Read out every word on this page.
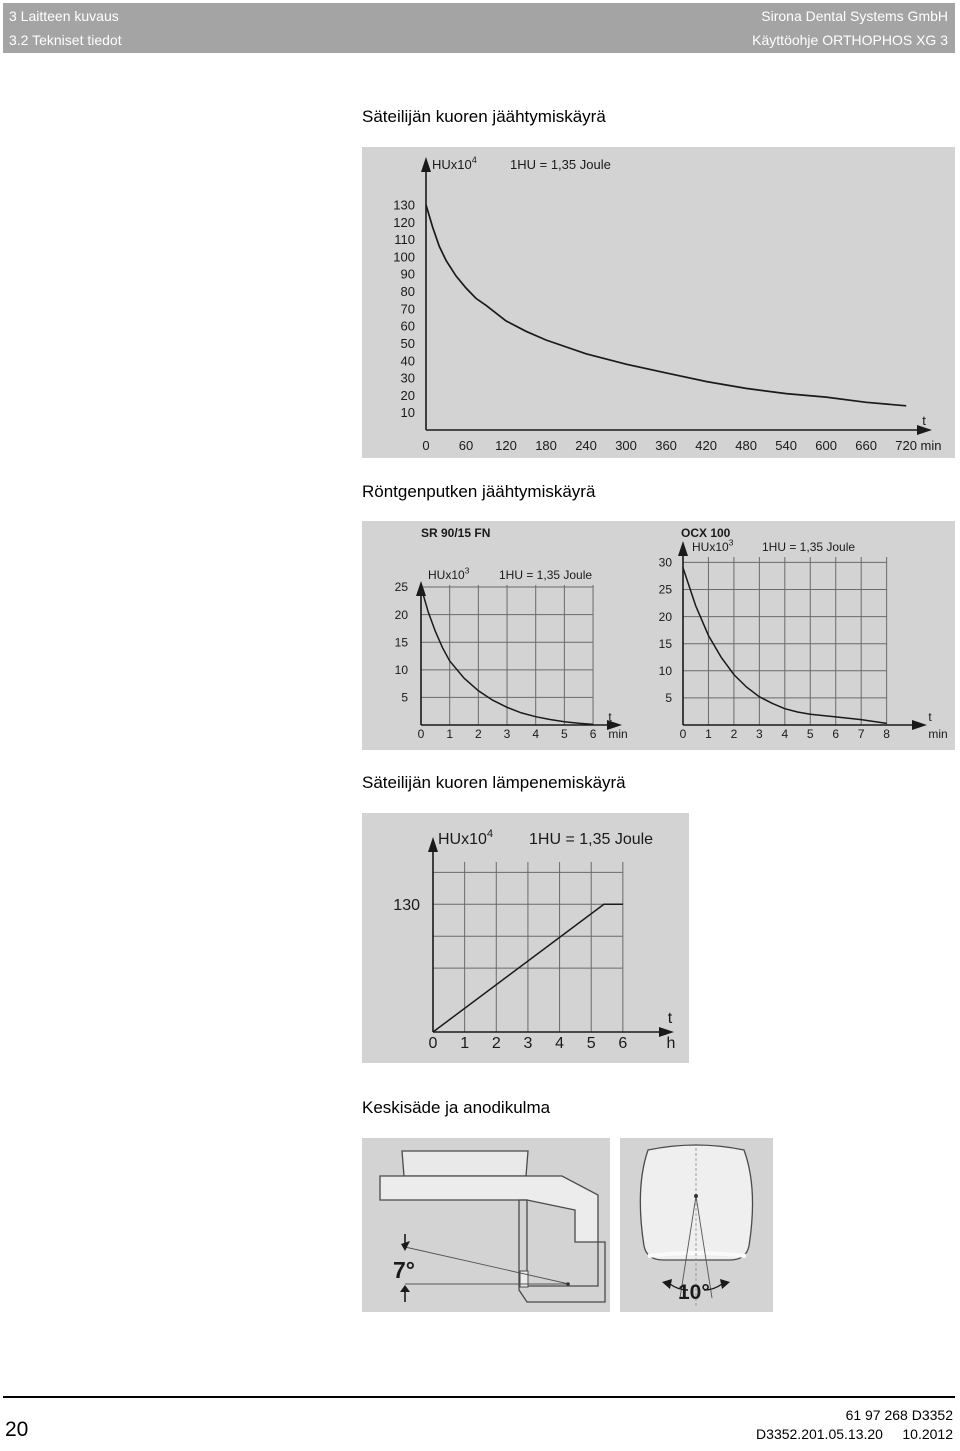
3 Laitteen kuvaus
3.2 Tekniset tiedot
Sirona Dental Systems GmbH
Käyttöohje ORTHOPHOS XG 3
Säteilijän kuoren jäähtymiskäyrä
0 60 120 180 240 300 360 420 480 540 600 660 720
10
20
30
40
50
60
70
80
90
100
110
120
130
t
min
$HUx10^4$	1HU = 1,35 Joule
Röntgenputken jäähtymiskäyrä
0 1 2 3 4 5 6
5
10
15
20
25
t
min
$HUx10^3$ 1HU = 1,35 Joule
SR 90/15 FN
0 1 2 3 4 5 6 7 8
5
10
15
20
25
30
t
min
$HUx10^3$ 1HU = 1,35 Joule
OCX 100
Säteilijän kuoren lämpenemiskäyrä
0 1 2 3 4 5 6
130
t
h
$HUx10^4$ 1HU = 1,35 Joule
Keskisäde ja anodikulma
7°
10°
20
61 97 268 D3352
D3352.201.05.13.20 10.2012
